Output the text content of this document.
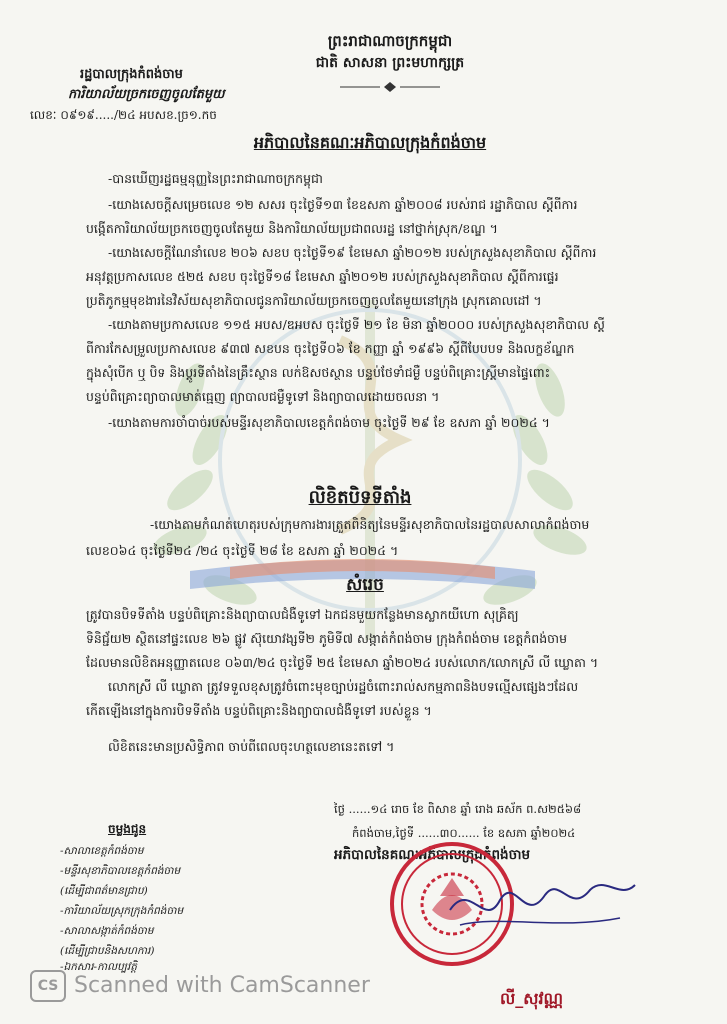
ព្រះរាជាណាចក្រកម្ពុជា
ជាតិ សាសនា ព្រះមហាក្សត្រ
រដ្ឋបាលក្រុងកំពង់ចាម
ការិយាល័យច្រកចេញចូលតែមួយ
លេខៈ ០៩១៩...../២៤ អបសខ.ច្រ១.កច
អភិបាលនៃគណៈអភិបាលក្រុងកំពង់ចាម
-បានឃើញរដ្ឋធម្មនុញ្ញនៃព្រះរាជាណាចក្រកម្ពុជា
-យោងសេចក្ដីសម្រេចលេខ ១២ សសរ ចុះថ្ងៃទី១៣ ខែឧសភា ឆ្នាំ២០០៨ របស់រាជ រដ្ឋាភិបាល ស្ដីពីការ
បង្កើតការិយាល័យច្រកចេញចូលតែមួយ និងការិយាល័យប្រជាពលរដ្ឋ នៅថ្នាក់ស្រុក/ខណ្ឌ ។
-យោងសេចក្ដីណែនាំលេខ ២០៦ សខប ចុះថ្ងៃទី១៩ ខែមេសា ឆ្នាំ២០១២ របស់ក្រសួងសុខាភិបាល ស្ដីពីការ
អនុវត្តប្រកាសលេខ ៥២៥ សខប ចុះថ្ងៃទី១៨ ខែមេសា ឆ្នាំ២០១២ របស់ក្រសួងសុខាភិបាល ស្ដីពីការផ្ទេរ
ប្រតិភូកម្មមុខងារនៃវិស័យសុខាភិបាលជូនការិយាល័យច្រកចេញចូលតែមួយនៅក្រុង ស្រុកគោលដៅ ។
-យោងតាមប្រកាសលេខ ១១៥ អបស/ឌអបស ចុះថ្ងៃទី ២១ ខែ មិនា ឆ្នាំ២០០០ របស់ក្រសួងសុខាភិបាល ស្ដី
ពីការកែសម្រួលប្រកាសលេខ ៩៣៧ សខបន ចុះថ្ងៃទី០៦ ខែ កញ្ញា ឆ្នាំ ១៩៩៦ ស្ដីពីបែបបទ និងលក្ខខ័ណ្ឌក
ក្នុងសុំបើក ឬ បិទ និងប្តូរទីតាំងនៃគ្រឹះស្ថាន លក់ឱសថស្ថាន បន្ទប់ថែទាំជម្ងឺ បន្ទប់ពិគ្រោះស្ត្រីមានផ្ទៃពោះ
បន្ទប់ពិគ្រោះព្យាបាលមាត់ធ្មេញ ព្យាបាលជម្ងឺទូទៅ និងព្យាបាលដោយចលនា ។
-យោងតាមការចាំបាច់របស់មន្ទីរសុខាភិបាលខេត្តកំពង់ចាម ចុះថ្ងៃទី ២៩ ខែ ឧសភា ឆ្នាំ ២០២៤ ។
លិខិតបិទទីតាំង
-យោងតាមកំណត់ហេតុរបស់ក្រុមការងារត្រួតពិនិត្យនៃមន្ទីរសុខាភិបាលនៃរដ្ឋបាលសាលាកំពង់ចាម
លេខ០៦៤ ចុះថ្ងៃទី២៤ /២៤ ចុះថ្ងៃទី ២៨ ខែ ឧសភា ឆ្នាំ ២០២៤ ។
សំរេច
ត្រូវបានបិទទីតាំង បន្ទប់ពិគ្រោះនិងព្យាបាលជំងឺទូទៅ ឯកជនមួយកន្លែងមានស្លាកយីហោ សុគ្រិត្យ
ទិនិជ្ជ័យ២ ស្ថិតនៅផ្ទះលេខ ២៦ ផ្លូវ ស៊ុយោវង្សទី២ ភូមិទី៧ សង្កាត់កំពង់ចាម ក្រុងកំពង់ចាម ខេត្តកំពង់ចាម
ដែលមានលិខិតអនុញ្ញាតលេខ ០៦៣/២៤ ចុះថ្ងៃទី ២៥ ខែមេសា ឆ្នាំ២០២៤ របស់លោក/លោកស្រី លី ឃ្លោតា ។
លោកស្រី លី ឃ្លោតា ត្រូវទទួលខុសត្រូវចំពោះមុខច្បាប់រដ្ឋចំពោះរាល់សកម្មភាពនិងបទល្មើសផ្សេងៗដែល
កើតឡើងនៅក្នុងការបិទទីតាំង បន្ទប់ពិគ្រោះនិងព្យាបាលជំងឺទូទៅ របស់ខ្លួន ។
លិខិតនេះមានប្រសិទ្ធិភាព ចាប់ពីពេលចុះហត្ថលេខានេះតទៅ ។
ថ្ងៃ ......១៤ រោច ខែ ពិសាខ ឆ្នាំ រោង ឆស័ក ព.ស២៥៦៨
កំពង់ចាម,ថ្ងៃទី ......៣០...... ខែ ឧសភា ឆ្នាំ២០២៤
អភិបាលនៃគណៈអភិបាលក្រុងកំពង់ចាម
លី_សុវណ្ណ
ចម្លងជូន
-សាលាខេត្តកំពង់ចាម
-មន្ទីរសុខាភិបាលខេត្តកំពង់ចាម
(ដើម្បីជាពត៌មានជ្រាប)
-ការិយាល័យស្រុកក្រុងកំពង់ចាម
-សាលាសង្កាត់កំពង់ចាម
(ដើម្បីជ្រាបនិងសហការ)
-ឯកសារ-កាលប្បវត្តិ
CS Scanned with CamScanner
